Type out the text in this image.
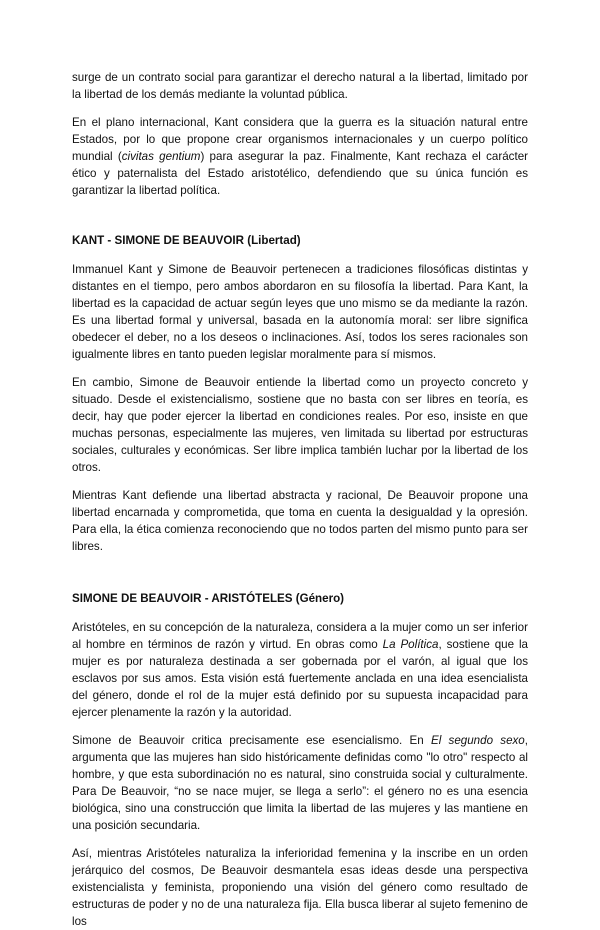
surge de un contrato social para garantizar el derecho natural a la libertad, limitado por la libertad de los demás mediante la voluntad pública.

En el plano internacional, Kant considera que la guerra es la situación natural entre Estados, por lo que propone crear organismos internacionales y un cuerpo político mundial (civitas gentium) para asegurar la paz. Finalmente, Kant rechaza el carácter ético y paternalista del Estado aristotélico, defendiendo que su única función es garantizar la libertad política.

KANT - SIMONE DE BEAUVOIR (Libertad)

Immanuel Kant y Simone de Beauvoir pertenecen a tradiciones filosóficas distintas y distantes en el tiempo, pero ambos abordaron en su filosofía la libertad. Para Kant, la libertad es la capacidad de actuar según leyes que uno mismo se da mediante la razón. Es una libertad formal y universal, basada en la autonomía moral: ser libre significa obedecer el deber, no a los deseos o inclinaciones. Así, todos los seres racionales son igualmente libres en tanto pueden legislar moralmente para sí mismos.

En cambio, Simone de Beauvoir entiende la libertad como un proyecto concreto y situado. Desde el existencialismo, sostiene que no basta con ser libres en teoría, es decir, hay que poder ejercer la libertad en condiciones reales. Por eso, insiste en que muchas personas, especialmente las mujeres, ven limitada su libertad por estructuras sociales, culturales y económicas. Ser libre implica también luchar por la libertad de los otros.

Mientras Kant defiende una libertad abstracta y racional, De Beauvoir propone una libertad encarnada y comprometida, que toma en cuenta la desigualdad y la opresión. Para ella, la ética comienza reconociendo que no todos parten del mismo punto para ser libres.

SIMONE DE BEAUVOIR - ARISTÓTELES (Género)

Aristóteles, en su concepción de la naturaleza, considera a la mujer como un ser inferior al hombre en términos de razón y virtud. En obras como La Política, sostiene que la mujer es por naturaleza destinada a ser gobernada por el varón, al igual que los esclavos por sus amos. Esta visión está fuertemente anclada en una idea esencialista del género, donde el rol de la mujer está definido por su supuesta incapacidad para ejercer plenamente la razón y la autoridad.

Simone de Beauvoir critica precisamente ese esencialismo. En El segundo sexo, argumenta que las mujeres han sido históricamente definidas como "lo otro" respecto al hombre, y que esta subordinación no es natural, sino construida social y culturalmente. Para De Beauvoir, “no se nace mujer, se llega a serlo”: el género no es una esencia biológica, sino una construcción que limita la libertad de las mujeres y las mantiene en una posición secundaria.

Así, mientras Aristóteles naturaliza la inferioridad femenina y la inscribe en un orden jerárquico del cosmos, De Beauvoir desmantela esas ideas desde una perspectiva existencialista y feminista, proponiendo una visión del género como resultado de estructuras de poder y no de una naturaleza fija. Ella busca liberar al sujeto femenino de los
